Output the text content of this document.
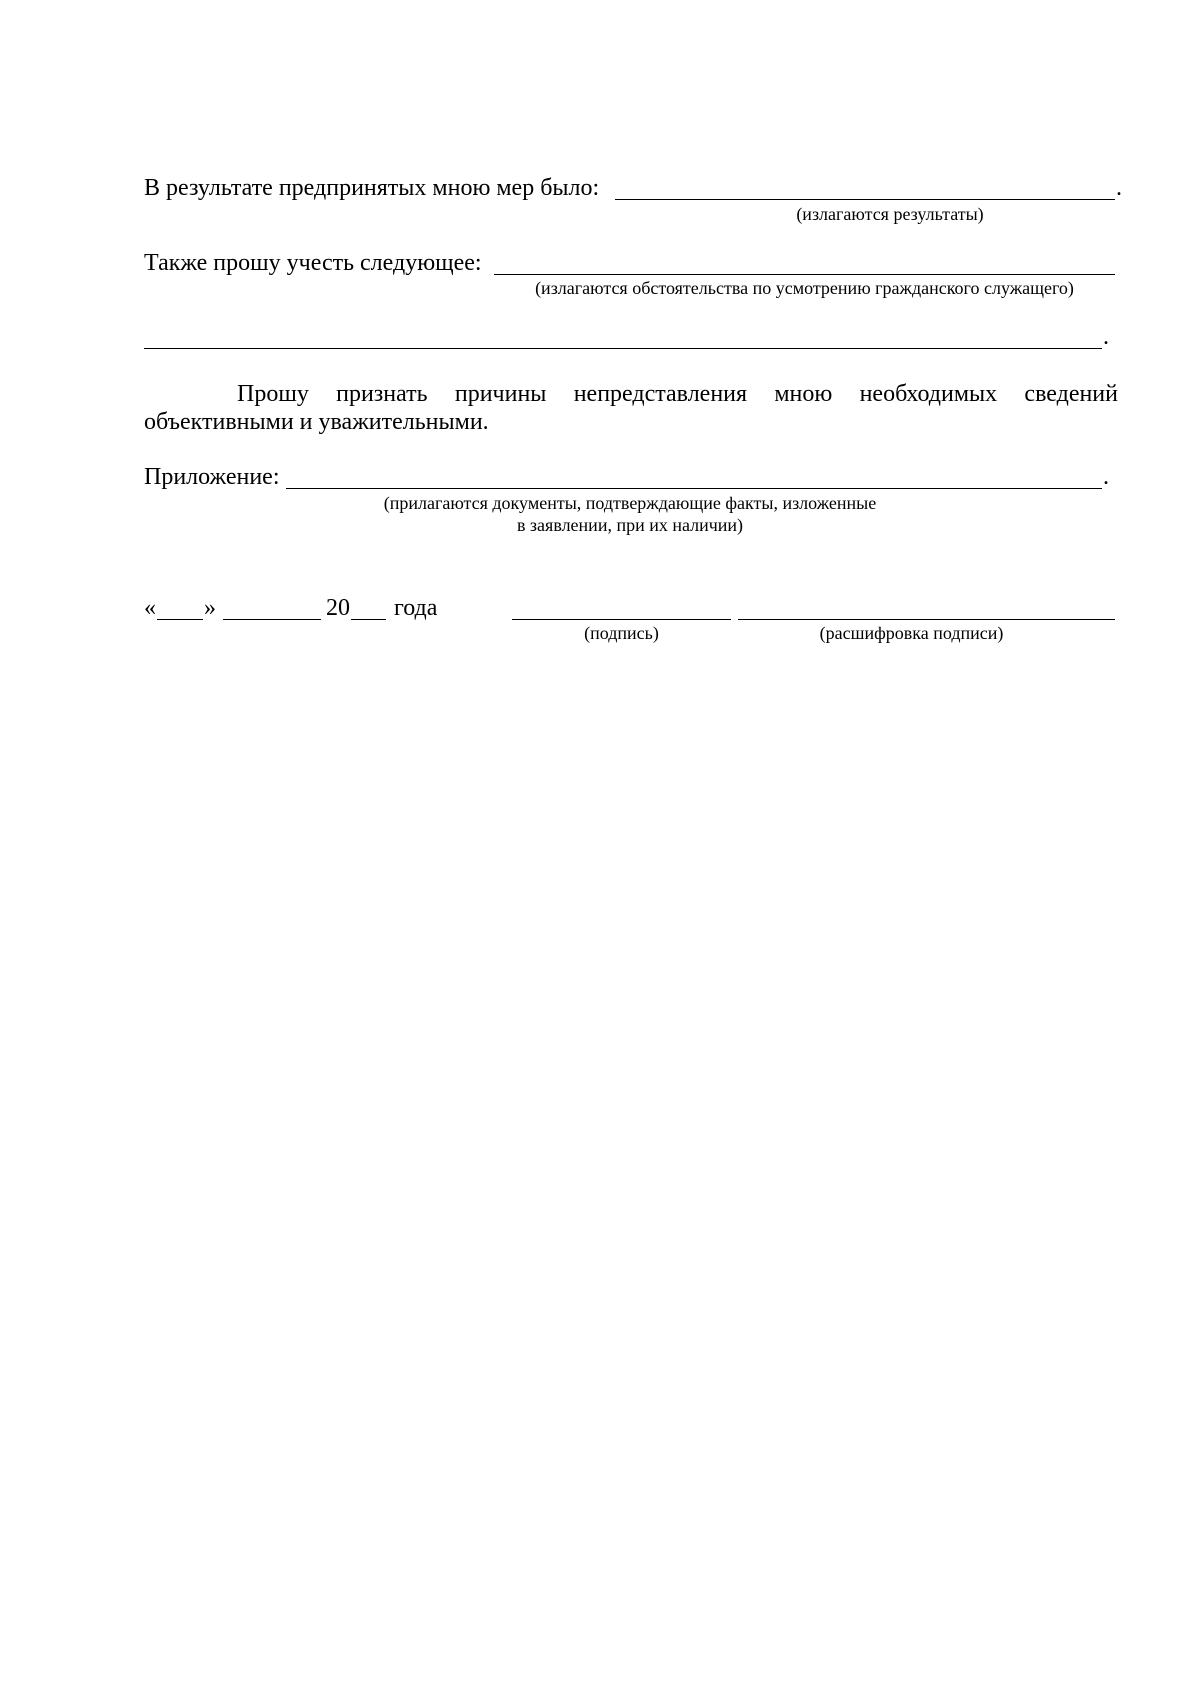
В результате предпринятых мною мер было:	.
(излагаются результаты)
Также прошу учесть следующее:
(излагаются обстоятельства по усмотрению гражданского служащего)
.
Прошу признать причины непредставления мною необходимых сведений
объективными и уважительными.
Приложение:	.
(прилагаются документы, подтверждающие факты, изложенные
в заявлении, при их наличии)
« »	20 года
(подпись)	(расшифровка подписи)
